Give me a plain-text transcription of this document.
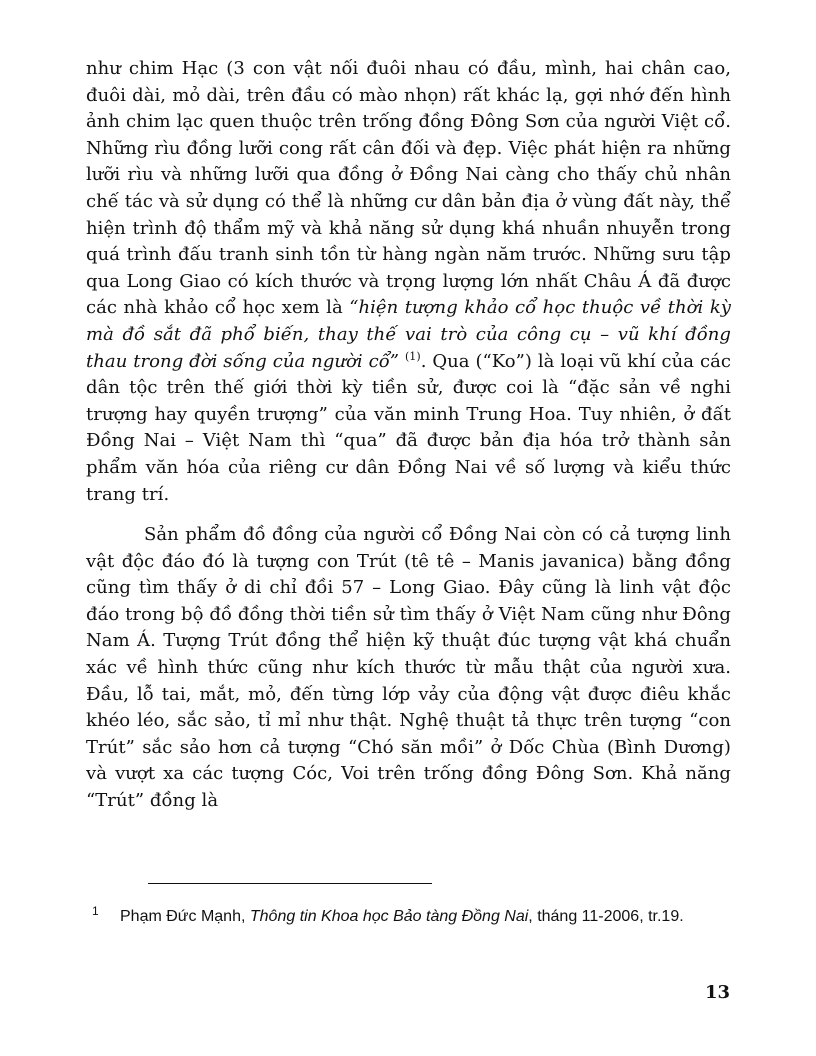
như chim Hạc (3 con vật nối đuôi nhau có đầu, mình, hai chân cao, đuôi dài, mỏ dài, trên đầu có mào nhọn) rất khác lạ, gợi nhớ đến hình ảnh chim lạc quen thuộc trên trống đồng Đông Sơn của người Việt cổ. Những rìu đồng lưỡi cong rất cân đối và đẹp. Việc phát hiện ra những lưỡi rìu và những lưỡi qua đồng ở Đồng Nai càng cho thấy chủ nhân chế tác và sử dụng có thể là những cư dân bản địa ở vùng đất này, thể hiện trình độ thẩm mỹ và khả năng sử dụng khá nhuần nhuyễn trong quá trình đấu tranh sinh tồn từ hàng ngàn năm trước. Những sưu tập qua Long Giao có kích thước và trọng lượng lớn nhất Châu Á đã được các nhà khảo cổ học xem là “hiện tượng khảo cổ học thuộc về thời kỳ mà đồ sắt đã phổ biến, thay thế vai trò của công cụ – vũ khí đồng thau trong đời sống của người cổ” $^{(1)}$. Qua (“Ko”) là loại vũ khí của các dân tộc trên thế giới thời kỳ tiền sử, được coi là “đặc sản về nghi trượng hay quyền trượng” của văn minh Trung Hoa. Tuy nhiên, ở đất Đồng Nai – Việt Nam thì “qua” đã được bản địa hóa trở thành sản phẩm văn hóa của riêng cư dân Đồng Nai về số lượng và kiểu thức trang trí.

Sản phẩm đồ đồng của người cổ Đồng Nai còn có cả tượng linh vật độc đáo đó là tượng con Trút (tê tê – Manis javanica) bằng đồng cũng tìm thấy ở di chỉ đồi 57 – Long Giao. Đây cũng là linh vật độc đáo trong bộ đồ đồng thời tiền sử tìm thấy ở Việt Nam cũng như Đông Nam Á. Tượng Trút đồng thể hiện kỹ thuật đúc tượng vật khá chuẩn xác về hình thức cũng như kích thước từ mẫu thật của người xưa. Đầu, lỗ tai, mắt, mỏ, đến từng lớp vảy của động vật được điêu khắc khéo léo, sắc sảo, tỉ mỉ như thật. Nghệ thuật tả thực trên tượng “con Trút” sắc sảo hơn cả tượng “Chó săn mồi” ở Dốc Chùa (Bình Dương) và vượt xa các tượng Cóc, Voi trên trống đồng Đông Sơn. Khả năng “Trút” đồng là

1 Phạm Đức Mạnh, Thông tin Khoa học Bảo tàng Đồng Nai, tháng 11-2006, tr.19.
13
